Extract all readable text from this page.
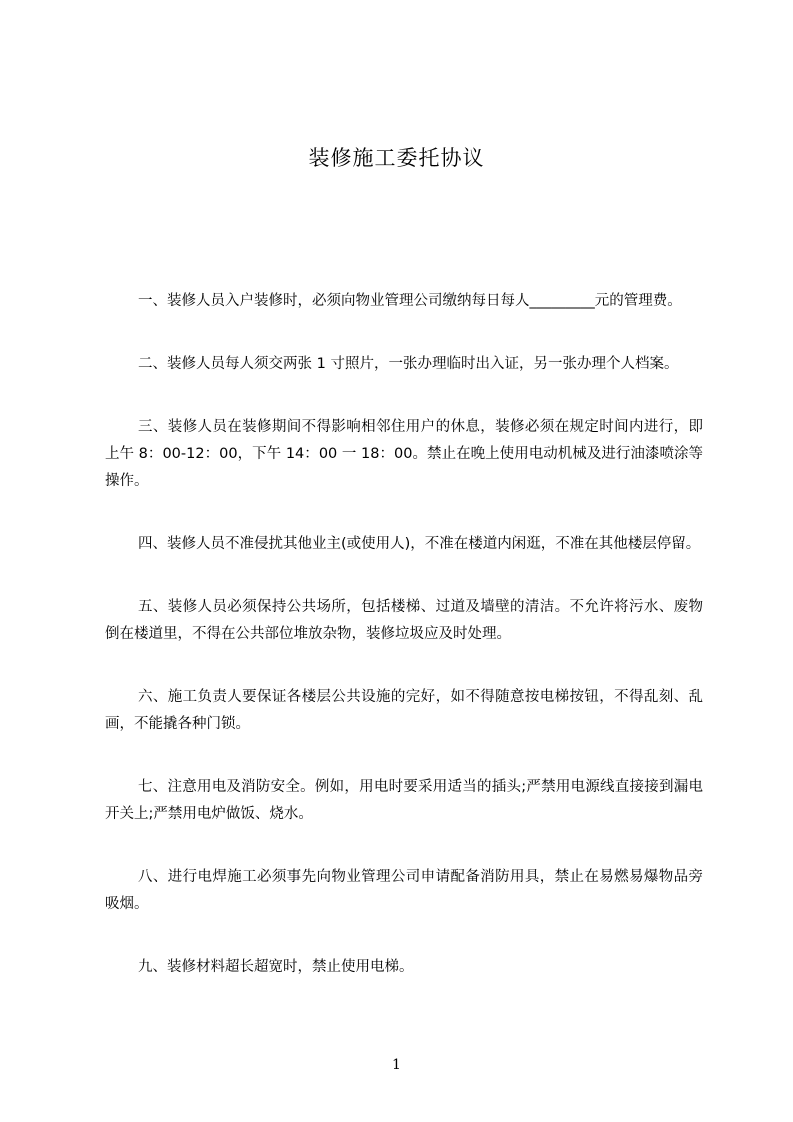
装修施工委托协议

一、装修人员入户装修时，必须向物业管理公司缴纳每日每人_________元的管理费。

二、装修人员每人须交两张 1 寸照片，一张办理临时出入证，另一张办理个人档案。

三、装修人员在装修期间不得影响相邻住用户的休息，装修必须在规定时间内进行，即上午 8：00-12：00，下午 14：00 一 18：00。禁止在晚上使用电动机械及进行油漆喷涂等操作。

四、装修人员不准侵扰其他业主(或使用人)，不准在楼道内闲逛，不准在其他楼层停留。

五、装修人员必须保持公共场所，包括楼梯、过道及墙壁的清洁。不允许将污水、废物倒在楼道里，不得在公共部位堆放杂物，装修垃圾应及时处理。

六、施工负责人要保证各楼层公共设施的完好，如不得随意按电梯按钮，不得乱刻、乱画，不能撬各种门锁。

七、注意用电及消防安全。例如，用电时要采用适当的插头;严禁用电源线直接接到漏电开关上;严禁用电炉做饭、烧水。

八、进行电焊施工必须事先向物业管理公司申请配备消防用具，禁止在易燃易爆物品旁吸烟。

九、装修材料超长超宽时，禁止使用电梯。

1
